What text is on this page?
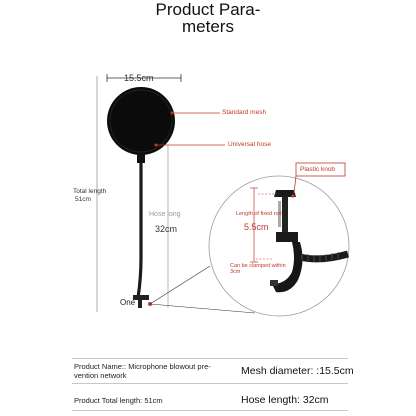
Product Para-
meters
15.5cm
Total length
51cm
Hose long
32cm
Standard mesh
Universal hose
Plastic knob
One
Length of fixed rod
5.5cm
Can be clamped within
3cm
Product Name:: Microphone blowout pre-
vention network	Mesh diameter: :15.5cm
Product Total length: 51cm	Hose length: 32cm
